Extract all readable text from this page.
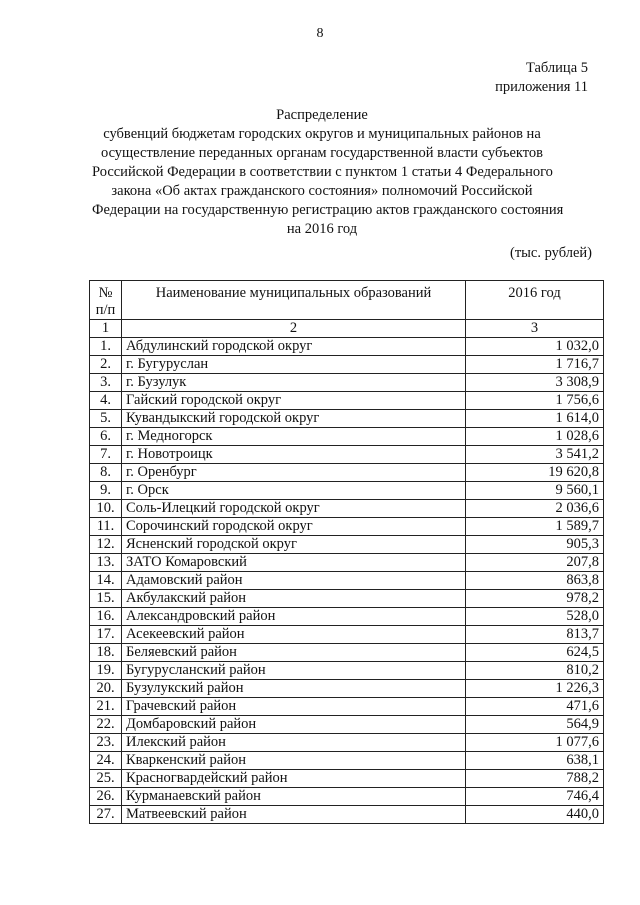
8
Таблица 5
приложения 11
Распределение
субвенций бюджетам городских округов и муниципальных районов на
осуществление переданных органам государственной власти субъектов
Российской Федерации в соответствии с пунктом 1 статьи 4 Федерального
закона «Об актах гражданского состояния» полномочий Российской
Федерации на государственную регистрацию актов гражданского состояния
на 2016 год
(тыс. рублей)
№
п/п	Наименование муниципальных образований	2016 год
1	2	3
1.	Абдулинский городской округ	1 032,0
2.	г. Бугуруслан	1 716,7
3.	г. Бузулук	3 308,9
4.	Гайский городской округ	1 756,6
5.	Кувандыкский городской округ	1 614,0
6.	г. Медногорск	1 028,6
7.	г. Новотроицк	3 541,2
8.	г. Оренбург	19 620,8
9.	г. Орск	9 560,1
10.	Соль-Илецкий городской округ	2 036,6
11.	Сорочинский городской округ	1 589,7
12.	Ясненский городской округ	905,3
13.	ЗАТО Комаровский	207,8
14.	Адамовский район	863,8
15.	Акбулакский район	978,2
16.	Александровский район	528,0
17.	Асекеевский район	813,7
18.	Беляевский район	624,5
19.	Бугурусланский район	810,2
20.	Бузулукский район	1 226,3
21.	Грачевский район	471,6
22.	Домбаровский район	564,9
23.	Илекский район	1 077,6
24.	Кваркенский район	638,1
25.	Красногвардейский район	788,2
26.	Курманаевский район	746,4
27.	Матвеевский район	440,0
